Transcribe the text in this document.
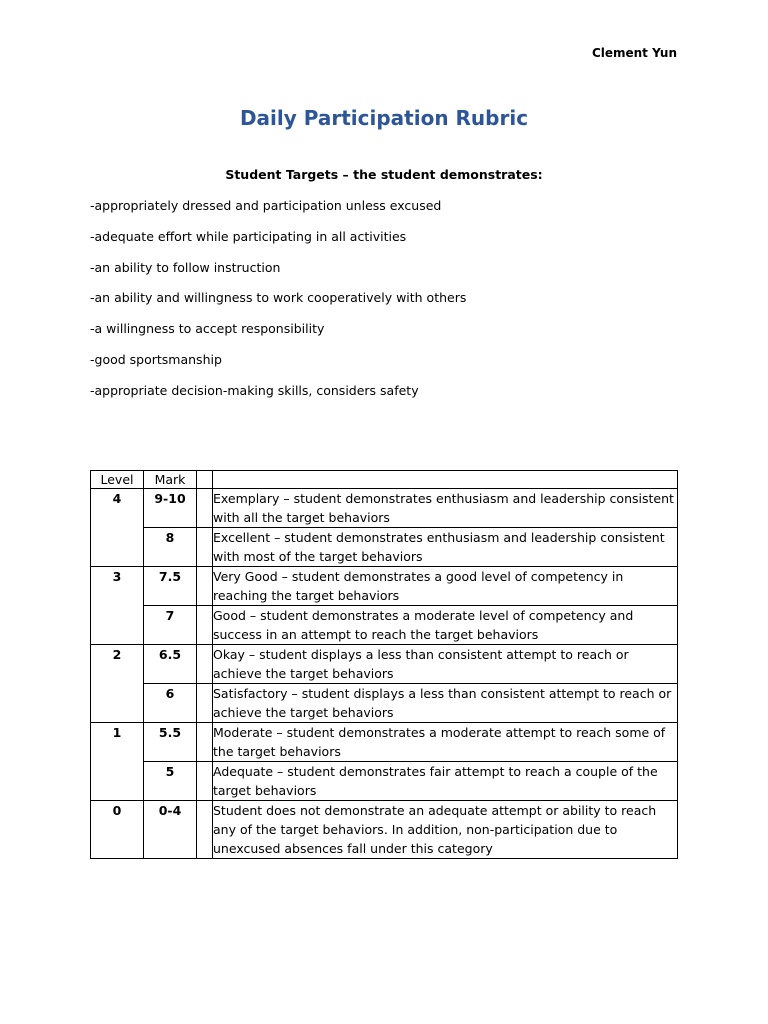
Clement Yun
Daily Participation Rubric
Student Targets – the student demonstrates:
-appropriately dressed and participation unless excused
-adequate effort while participating in all activities
-an ability to follow instruction
-an ability and willingness to work cooperatively with others
-a willingness to accept responsibility
-good sportsmanship
-appropriate decision-making skills, considers safety
Level	Mark		
4	9-10		Exemplary – student demonstrates enthusiasm and leadership consistent with all the target behaviors
	8		Excellent – student demonstrates enthusiasm and leadership consistent with most of the target behaviors
3	7.5		Very Good – student demonstrates a good level of competency in reaching the target behaviors
	7		Good – student demonstrates a moderate level of competency and success in an attempt to reach the target behaviors
2	6.5		Okay – student displays a less than consistent attempt to reach or achieve the target behaviors
	6		Satisfactory – student displays a less than consistent attempt to reach or achieve the target behaviors
1	5.5		Moderate – student demonstrates a moderate attempt to reach some of the target behaviors
	5		Adequate – student demonstrates fair attempt to reach a couple of the target behaviors
0	0-4		Student does not demonstrate an adequate attempt or ability to reach any of the target behaviors. In addition, non-participation due to unexcused absences fall under this category
